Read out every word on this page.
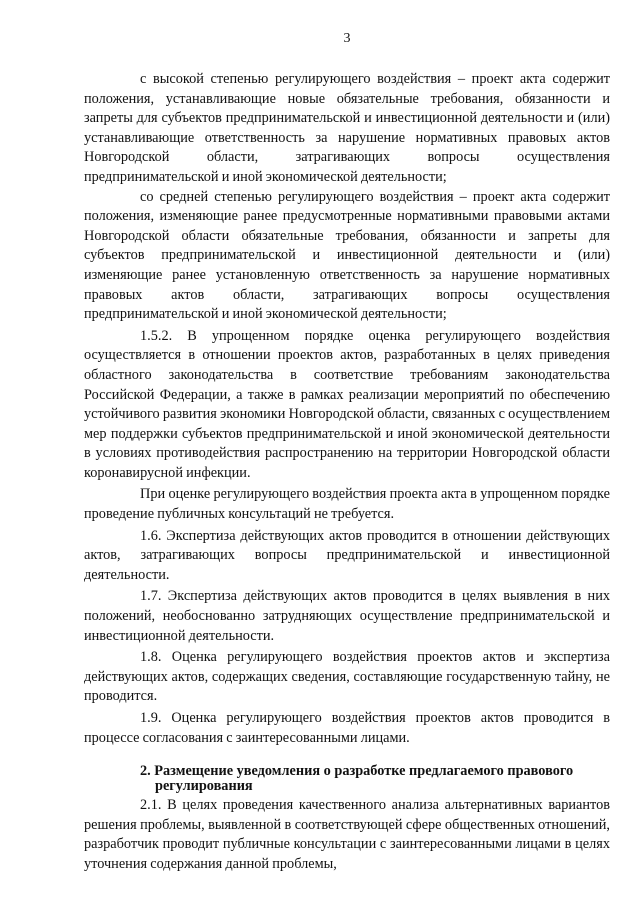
3

с высокой степенью регулирующего воздействия – проект акта содержит положения, устанавливающие новые обязательные требования, обязанности и запреты для субъектов предпринимательской и инвестиционной деятельности и (или) устанавливающие ответственность за нарушение нормативных правовых актов Новгородской области, затрагивающих вопросы осуществления предпринимательской и иной экономической деятельности;

со средней степенью регулирующего воздействия – проект акта содержит положения, изменяющие ранее предусмотренные нормативными правовыми актами Новгородской области обязательные требования, обязанности и запреты для субъектов предпринимательской и инвестиционной деятельности и (или) изменяющие ранее установленную ответственность за нарушение нормативных правовых актов области, затрагивающих вопросы осуществления предпринимательской и иной экономической деятельности;

1.5.2. В упрощенном порядке оценка регулирующего воздействия осуществляется в отношении проектов актов, разработанных в целях приведения областного законодательства в соответствие требованиям законодательства Российской Федерации, а также в рамках реализации мероприятий по обеспечению устойчивого развития экономики Новгородской области, связанных с осуществлением мер поддержки субъектов предпринимательской и иной экономической деятельности в условиях противодействия распространению на территории Новгородской области коронавирусной инфекции.

При оценке регулирующего воздействия проекта акта в упрощенном порядке проведение публичных консультаций не требуется.

1.6. Экспертиза действующих актов проводится в отношении действующих актов, затрагивающих вопросы предпринимательской и инвестиционной деятельности.

1.7. Экспертиза действующих актов проводится в целях выявления в них положений, необоснованно затрудняющих осуществление предпринимательской и инвестиционной деятельности.

1.8. Оценка регулирующего воздействия проектов актов и экспертиза действующих актов, содержащих сведения, составляющие государственную тайну, не проводится.

1.9. Оценка регулирующего воздействия проектов актов проводится в процессе согласования с заинтересованными лицами.

2. Размещение уведомления о разработке предлагаемого правового
регулирования

2.1. В целях проведения качественного анализа альтернативных вариантов решения проблемы, выявленной в соответствующей сфере общественных отношений, разработчик проводит публичные консультации с заинтересованными лицами в целях уточнения содержания данной проблемы,
